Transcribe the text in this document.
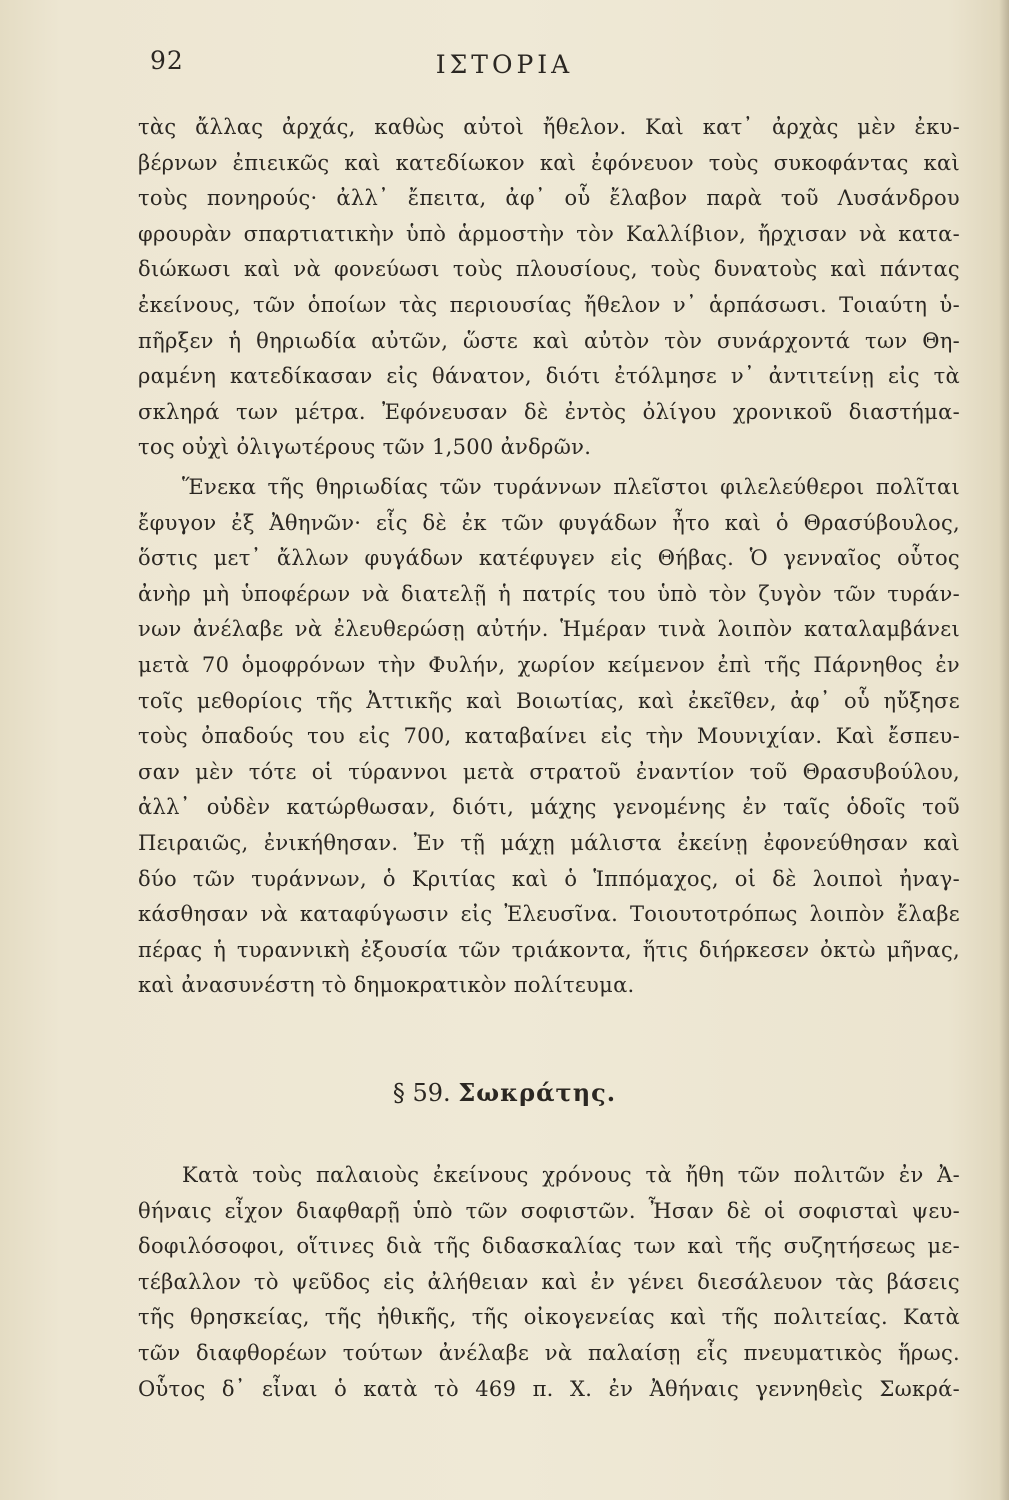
92	ΙΣΤΟΡΙΑ
τὰς ἄλλας ἀρχάς, καθὼς αὐτοὶ ἤθελον. Καὶ κατ᾽ ἀρχὰς μὲν ἐκυ-
βέρνων ἐπιεικῶς καὶ κατεδίωκον καὶ ἐφόνευον τοὺς συκοφάντας καὶ
τοὺς πονηρούς· ἀλλ᾽ ἔπειτα, ἀφ᾽ οὗ ἔλαβον παρὰ τοῦ Λυσάνδρου
φρουρὰν σπαρτιατικὴν ὑπὸ ἁρμοστὴν τὸν Καλλίβιον, ἤρχισαν νὰ κατα-
διώκωσι καὶ νὰ φονεύωσι τοὺς πλουσίους, τοὺς δυνατοὺς καὶ πάντας
ἐκείνους, τῶν ὁποίων τὰς περιουσίας ἤθελον ν᾽ ἁρπάσωσι. Τοιαύτη ὑ-
πῆρξεν ἡ θηριωδία αὐτῶν, ὥστε καὶ αὐτὸν τὸν συνάρχοντά των Θη-
ραμένη κατεδίκασαν εἰς θάνατον, διότι ἐτόλμησε ν᾽ ἀντιτείνῃ εἰς τὰ
σκληρά των μέτρα. Ἐφόνευσαν δὲ ἐντὸς ὀλίγου χρονικοῦ διαστήμα-
τος οὐχὶ ὀλιγωτέρους τῶν 1,500 ἀνδρῶν.
Ἕνεκα τῆς θηριωδίας τῶν τυράννων πλεῖστοι φιλελεύθεροι πολῖται
ἔφυγον ἐξ Ἀθηνῶν· εἷς δὲ ἐκ τῶν φυγάδων ἦτο καὶ ὁ Θρασύβουλος,
ὅστις μετ᾽ ἄλλων φυγάδων κατέφυγεν εἰς Θήβας. Ὁ γενναῖος οὗτος
ἀνὴρ μὴ ὑποφέρων νὰ διατελῇ ἡ πατρίς του ὑπὸ τὸν ζυγὸν τῶν τυράν-
νων ἀνέλαβε νὰ ἐλευθερώσῃ αὐτήν. Ἡμέραν τινὰ λοιπὸν καταλαμβάνει
μετὰ 70 ὁμοφρόνων τὴν Φυλήν, χωρίον κείμενον ἐπὶ τῆς Πάρνηθος ἐν
τοῖς μεθορίοις τῆς Ἀττικῆς καὶ Βοιωτίας, καὶ ἐκεῖθεν, ἀφ᾽ οὗ ηὔξησε
τοὺς ὀπαδούς του εἰς 700, καταβαίνει εἰς τὴν Μουνιχίαν. Καὶ ἔσπευ-
σαν μὲν τότε οἱ τύραννοι μετὰ στρατοῦ ἐναντίον τοῦ Θρασυβούλου,
ἀλλ᾽ οὐδὲν κατώρθωσαν, διότι, μάχης γενομένης ἐν ταῖς ὁδοῖς τοῦ
Πειραιῶς, ἐνικήθησαν. Ἐν τῇ μάχῃ μάλιστα ἐκείνῃ ἐφονεύθησαν καὶ
δύο τῶν τυράννων, ὁ Κριτίας καὶ ὁ Ἱππόμαχος, οἱ δὲ λοιποὶ ἠναγ-
κάσθησαν νὰ καταφύγωσιν εἰς Ἐλευσῖνα. Τοιουτοτρόπως λοιπὸν ἔλαβε
πέρας ἡ τυραννικὴ ἐξουσία τῶν τριάκοντα, ἥτις διήρκεσεν ὀκτὼ μῆνας,
καὶ ἀνασυνέστη τὸ δημοκρατικὸν πολίτευμα.
§ 59. Σωκράτης.
Κατὰ τοὺς παλαιοὺς ἐκείνους χρόνους τὰ ἤθη τῶν πολιτῶν ἐν Ἀ-
θήναις εἶχον διαφθαρῇ ὑπὸ τῶν σοφιστῶν. Ἦσαν δὲ οἱ σοφισταὶ ψευ-
δοφιλόσοφοι, οἵτινες διὰ τῆς διδασκαλίας των καὶ τῆς συζητήσεως με-
τέβαλλον τὸ ψεῦδος εἰς ἀλήθειαν καὶ ἐν γένει διεσάλευον τὰς βάσεις
τῆς θρησκείας, τῆς ἠθικῆς, τῆς οἰκογενείας καὶ τῆς πολιτείας. Κατὰ
τῶν διαφθορέων τούτων ἀνέλαβε νὰ παλαίσῃ εἷς πνευματικὸς ἥρως.
Οὗτος δ᾽ εἶναι ὁ κατὰ τὸ 469 π. Χ. ἐν Ἀθήναις γεννηθεὶς Σωκρά-
